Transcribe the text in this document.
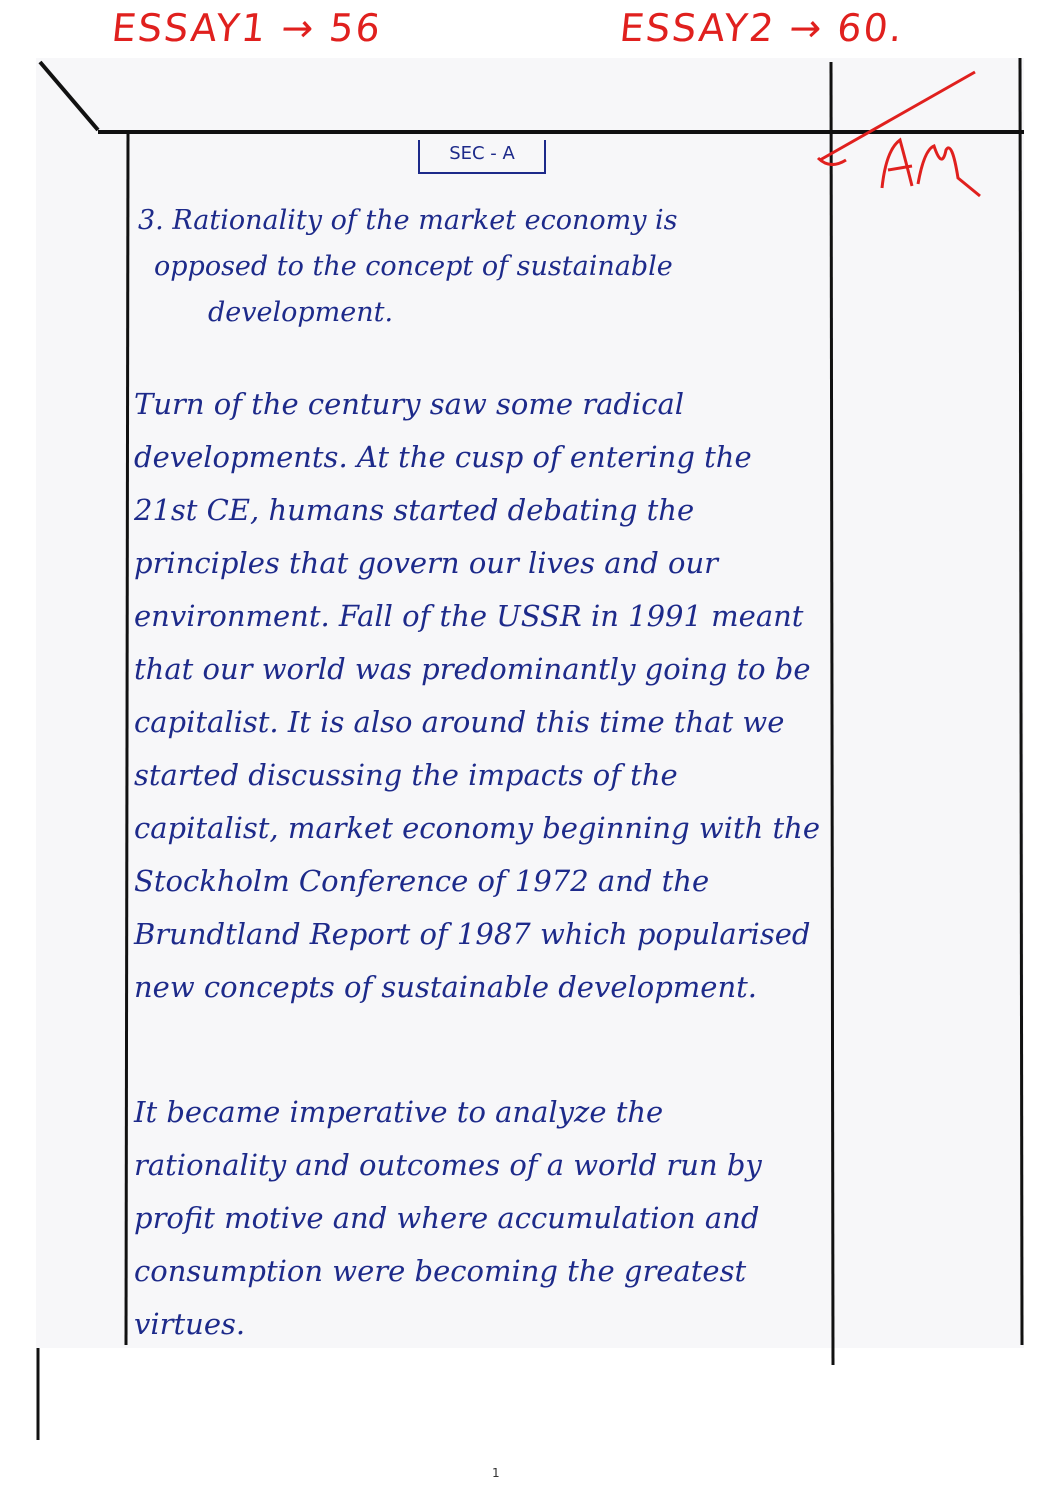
ESSAY1 → 56	ESSAY2 → 60.
SEC - A
3. Rationality of the market economy is
opposed to the concept of sustainable
development.

Turn of the century saw some radical developments. At the cusp of entering the 21st CE, humans started debating the principles that govern our lives and our environment. Fall of the USSR in 1991 meant that our world was predominantly going to be capitalist. It is also around this time that we started discussing the impacts of the capitalist, market economy beginning with the Stockholm Conference of 1972 and the Brundtland Report of 1987 which popularised new concepts of sustainable development.

It became imperative to analyze the rationality and outcomes of a world run by profit motive and where accumulation and consumption were becoming the greatest virtues.

1
